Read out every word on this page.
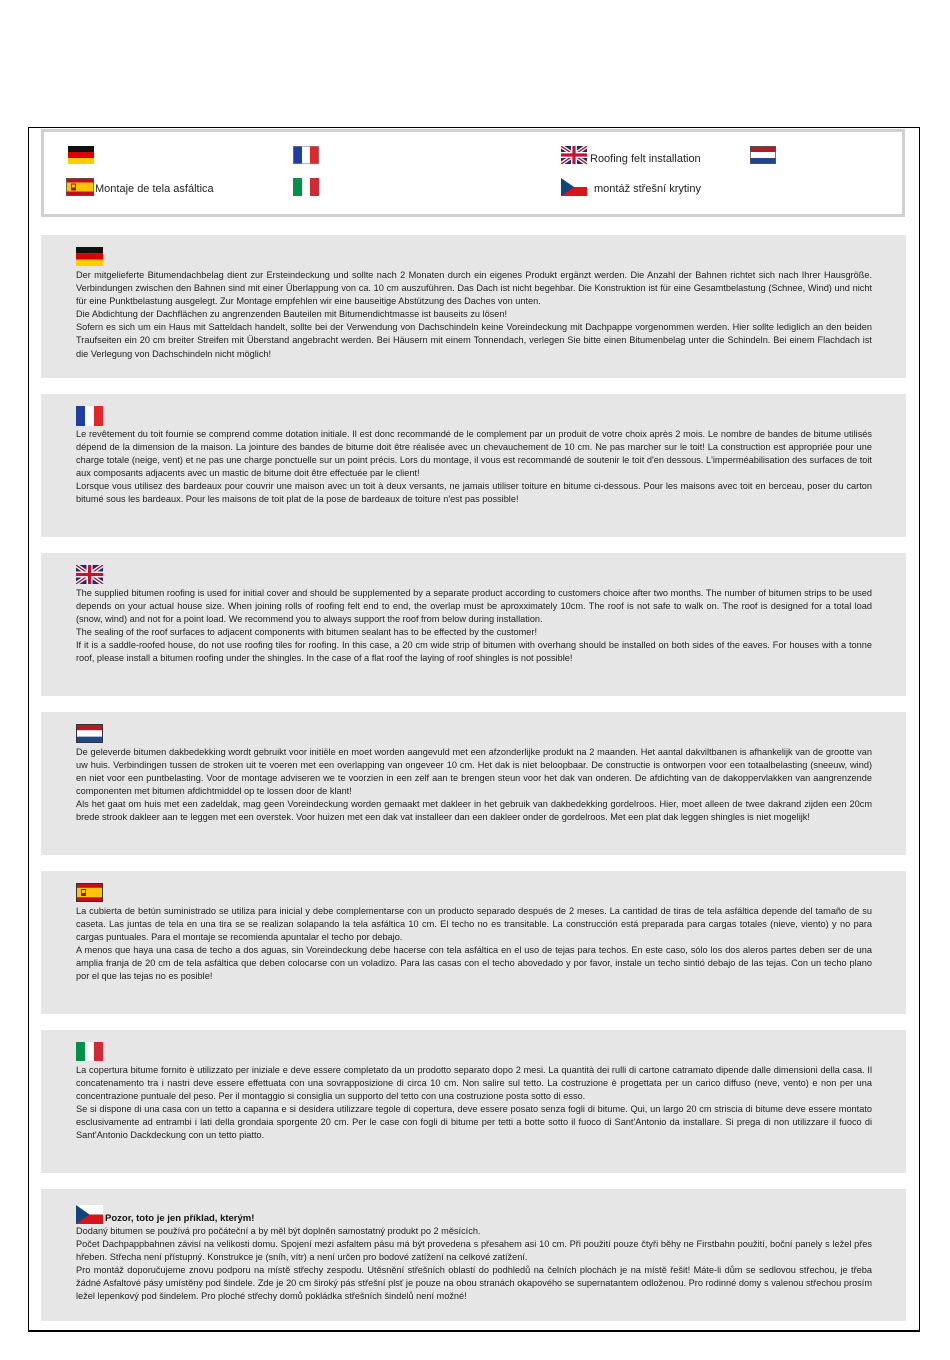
Roofing felt installation
Montaje de tela asfáltica	montáž střešní krytiny

Der mitgelieferte Bitumendachbelag dient zur Ersteindeckung und sollte nach 2 Monaten durch ein eigenes Produkt ergänzt werden. Die Anzahl der Bahnen richtet sich nach Ihrer Hausgröße. Verbindungen zwischen den Bahnen sind mit einer Überlappung von ca. 10 cm auszuführen. Das Dach ist nicht begehbar. Die Konstruktion ist für eine Gesamtbelastung (Schnee, Wind) und nicht für eine Punktbelastung ausgelegt. Zur Montage empfehlen wir eine bauseitige Abstützung des Daches von unten.

Die Abdichtung der Dachflächen zu angrenzenden Bauteilen mit Bitumendichtmasse ist bauseits zu lösen!

Sofern es sich um ein Haus mit Satteldach handelt, sollte bei der Verwendung von Dachschindeln keine Voreindeckung mit Dachpappe vorgenommen werden. Hier sollte lediglich an den beiden Traufseiten ein 20 cm breiter Streifen mit Überstand angebracht werden. Bei Häusern mit einem Tonnendach, verlegen Sie bitte einen Bitumenbelag unter die Schindeln. Bei einem Flachdach ist die Verlegung von Dachschindeln nicht möglich!

Le revêtement du toit fournie se comprend comme dotation initiale. Il est donc recommandé de le complement par un produit de votre choix après 2 mois. Le nombre de bandes de bitume utilisés dépend de la dimension de la maison. La jointure des bandes de bitume doit être réalisée avec un chevauchement de 10 cm. Ne pas marcher sur le toit! La construction est appropriée pour une charge totale (neige, vent) et ne pas une charge ponctuelle sur un point précis. Lors du montage, il vous est recommandé de soutenir le toit d'en dessous. L'imperméabilisation des surfaces de toit aux composants adjacents avec un mastic de bitume doit être effectuée par le client!

Lorsque vous utilisez des bardeaux pour couvrir une maison avec un toit à deux versants, ne jamais utiliser toiture en bitume ci-dessous. Pour les maisons avec toit en berceau, poser du carton bitumé sous les bardeaux. Pour les maisons de toit plat de la pose de bardeaux de toiture n'est pas possible!

The supplied bitumen roofing is used for initial cover and should be supplemented by a separate product according to customers choice after two months. The number of bitumen strips to be used depends on your actual house size. When joining rolls of roofing felt end to end, the overlap must be aproxximately 10cm. The roof is not safe to walk on. The roof is designed for a total load (snow, wind) and not for a point load. We recommend you to always support the roof from below during installation.

The sealing of the roof surfaces to adjacent components with bitumen sealant has to be effected by the customer!

If it is a saddle-roofed house, do not use roofing tiles for roofing. In this case, a 20 cm wide strip of bitumen with overhang should be installed on both sides of the eaves. For houses with a tonne roof, please install a bitumen roofing under the shingles. In the case of a flat roof the laying of roof shingles is not possible!

De geleverde bitumen dakbedekking wordt gebruikt voor initiële en moet worden aangevuld met een afzonderlijke produkt na 2 maanden. Het aantal dakviltbanen is afhankelijk van de grootte van uw huis. Verbindingen tussen de stroken uit te voeren met een overlapping van ongeveer 10 cm. Het dak is niet beloopbaar. De constructie is ontworpen voor een totaalbelasting (sneeuw, wind) en niet voor een puntbelasting. Voor de montage adviseren we te voorzien in een zelf aan te brengen steun voor het dak van onderen. De afdichting van de dakoppervlakken van aangrenzende componenten met bitumen afdichtmiddel op te lossen door de klant!

Als het gaat om huis met een zadeldak, mag geen Voreindeckung worden gemaakt met dakleer in het gebruik van dakbedekking gordelroos. Hier, moet alleen de twee dakrand zijden een 20cm brede strook dakleer aan te leggen met een overstek. Voor huizen met een dak vat installeer dan een dakleer onder de gordelroos. Met een plat dak leggen shingles is niet mogelijk!

La cubierta de betún suministrado se utiliza para inicial y debe complementarse con un producto separado después de 2 meses. La cantidad de tiras de tela asfáltica depende del tamaño de su caseta. Las juntas de tela en una tira se se realizan solapando la tela asfáltica 10 cm. El techo no es transitable. La construcción está preparada para cargas totales (nieve, viento) y no para cargas puntuales. Para el montaje se recomienda apuntalar el techo por debajo.

A menos que haya una casa de techo a dos aguas, sin Voreindeckung debe hacerse con tela asfáltica en el uso de tejas para techos. En este caso, sólo los dos aleros partes deben ser de una amplia franja de 20 cm de tela asfáltica que deben colocarse con un voladizo. Para las casas con el techo abovedado y por favor, instale un techo sintió debajo de las tejas. Con un techo plano por el que las tejas no es posible!

La copertura bitume fornito è utilizzato per iniziale e deve essere completato da un prodotto separato dopo 2 mesi. La quantità dei rulli di cartone catramato dipende dalle dimensioni della casa. Il concatenamento tra i nastri deve essere effettuata con una sovrapposizione di circa 10 cm. Non salire sul tetto. La costruzione è progettata per un carico diffuso (neve, vento) e non per una concentrazione puntuale del peso. Per il montaggio si consiglia un supporto del tetto con una costruzione posta sotto di esso.

Se si dispone di una casa con un tetto a capanna e si desidera utilizzare tegole di copertura, deve essere posato senza fogli di bitume. Qui, un largo 20 cm striscia di bitume deve essere montato esclusivamente ad entrambi i lati della grondaia sporgente 20 cm. Per le case con fogli di bitume per tetti a botte sotto il fuoco di Sant'Antonio da installare. Si prega di non utilizzare il fuoco di Sant'Antonio Dackdeckung con un tetto piatto.

Pozor, toto je jen příklad, kterým!

Dodaný bitumen se používá pro počáteční a by měl být doplněn samostatný produkt po 2 měsících.

Počet Dachpappbahnen závisí na velikosti domu. Spojení mezi asfaltem pásu má být provedena s přesahem asi 10 cm. Při použití pouze čtyři běhy ne Firstbahn použití, boční panely s ležel přes hřeben. Střecha není přístupný. Konstrukce je (sníh, vítr) a není určen pro bodové zatížení na celkové zatížení.

Pro montáž doporučujeme znovu podporu na místě střechy zespodu. Utěsnění střešních oblastí do podhledů na čelních plochách je na místě řešit! Máte-li dům se sedlovou střechou, je třeba žádné Asfaltové pásy umístěny pod šindele. Zde je 20 cm široký pás střešní plsť je pouze na obou stranách okapového se supernatantem odloženou. Pro rodinné domy s valenou střechou prosím ležel lepenkový pod šindelem. Pro ploché střechy domů pokládka střešních šindelů není možné!
